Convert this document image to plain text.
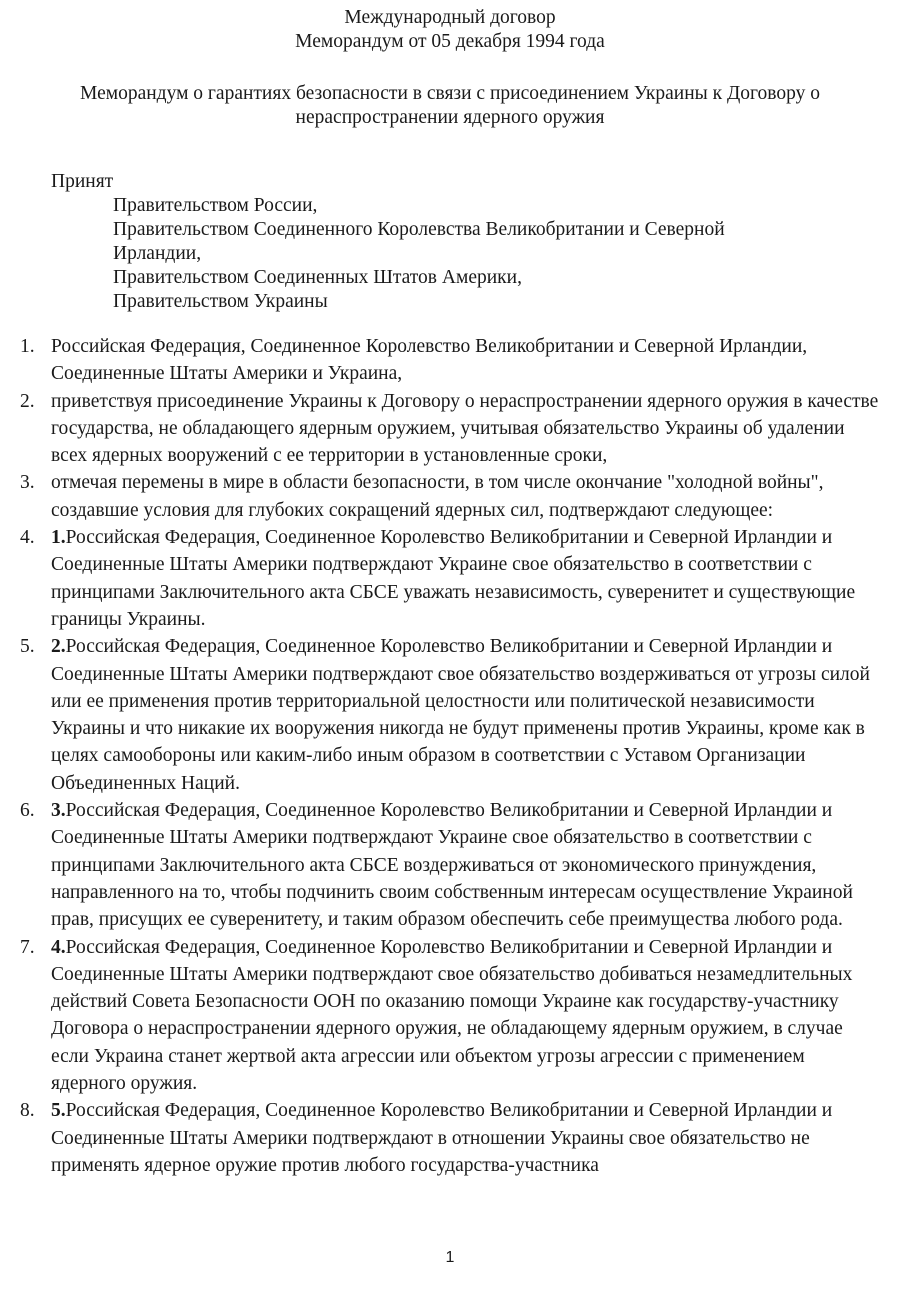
Международный договор

Меморандум от 05 декабря 1994 года

Меморандум о гарантиях безопасности в связи с присоединением Украины к Договору о нераспространении ядерного оружия

Принят

Правительством России,

Правительством Соединенного Королевства Великобритании и Северной Ирландии,

Правительством Соединенных Штатов Америки,

Правительством Украины

1. Российская Федерация, Соединенное Королевство Великобритании и Северной Ирландии, Соединенные Штаты Америки и Украина,
2. приветствуя присоединение Украины к Договору о нераспространении ядерного оружия в качестве государства, не обладающего ядерным оружием, учитывая обязательство Украины об удалении всех ядерных вооружений с ее территории в установленные сроки,
3. отмечая перемены в мире в области безопасности, в том числе окончание "холодной войны", создавшие условия для глубоких сокращений ядерных сил, подтверждают следующее:
4. 1.Российская Федерация, Соединенное Королевство Великобритании и Северной Ирландии и Соединенные Штаты Америки подтверждают Украине свое обязательство в соответствии с принципами Заключительного акта СБСЕ уважать независимость, суверенитет и существующие границы Украины.
5. 2.Российская Федерация, Соединенное Королевство Великобритании и Северной Ирландии и Соединенные Штаты Америки подтверждают свое обязательство воздерживаться от угрозы силой или ее применения против территориальной целостности или политической независимости Украины и что никакие их вооружения никогда не будут применены против Украины, кроме как в целях самообороны или каким-либо иным образом в соответствии с Уставом Организации Объединенных Наций.
6. 3.Российская Федерация, Соединенное Королевство Великобритании и Северной Ирландии и Соединенные Штаты Америки подтверждают Украине свое обязательство в соответствии с принципами Заключительного акта СБСЕ воздерживаться от экономического принуждения, направленного на то, чтобы подчинить своим собственным интересам осуществление Украиной прав, присущих ее суверенитету, и таким образом обеспечить себе преимущества любого рода.
7. 4.Российская Федерация, Соединенное Королевство Великобритании и Северной Ирландии и Соединенные Штаты Америки подтверждают свое обязательство добиваться незамедлительных действий Совета Безопасности ООН по оказанию помощи Украине как государству-участнику Договора о нераспространении ядерного оружия, не обладающему ядерным оружием, в случае если Украина станет жертвой акта агрессии или объектом угрозы агрессии с применением ядерного оружия.
8. 5.Российская Федерация, Соединенное Королевство Великобритании и Северной Ирландии и Соединенные Штаты Америки подтверждают в отношении Украины свое обязательство не применять ядерное оружие против любого государства-участника
1
